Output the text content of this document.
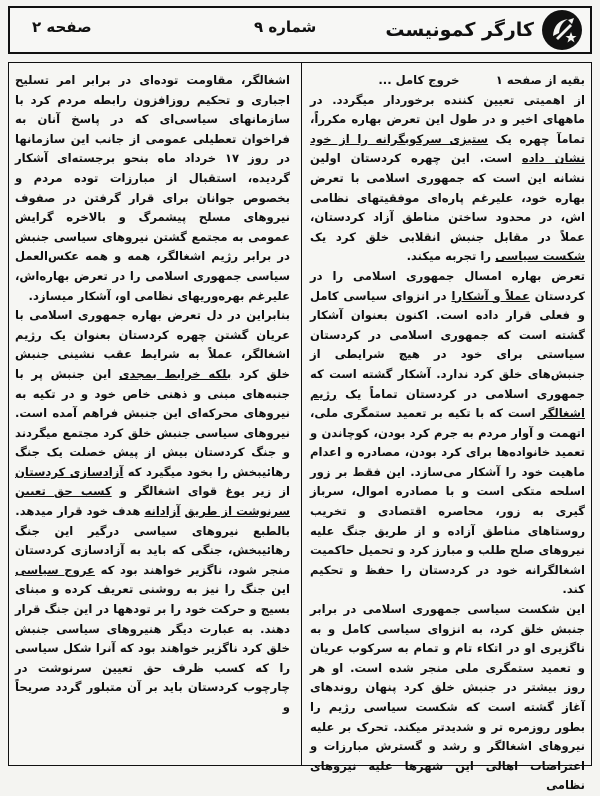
کارگر کمونیست
شماره ۹
صفحه ۲

بقیه از صفحه ۱         خروج کامل ...

از اهمیتی تعیین کننده برخوردار میگردد. در ماههای اخیر و در طول این تعرض بهاره مکرراً، تمامآ چهره یک ستیزی سرکوبگرانه را از خود نشان داده است. این چهره کردستان اولین نشانه این است که جمهوری اسلامی با تعرض بهاره خود، علیرغم پاره‌ای موفقیتهای نظامی اش، در محدود ساختن مناطق آزاد کردستان، عملاً در مقابل جنبش انقلابی خلق کرد یک شکست سیاسی را تجربه میکند.

تعرض بهاره امسال جمهوری اسلامی را در کردستان عملاً و آشکارا در انزوای سیاسی کامل و فعلی قرار داده است. اکنون بعنوان آشکار گشته است که جمهوری اسلامی در کردستان سیاستی برای خود در هیچ شرایطی از جنبش‌های خلق کرد ندارد. آشکار گشته است که جمهوری اسلامی در کردستان تماماً یک رژیم اشغالگر است که با تکیه بر تعمید ستمگری ملی، اتهمت و آوار مردم به جرم کرد بودن، کوچاندن و تعمید خانواده‌ها برای کرد بودن، مصادره و اعدام ماهیت خود را آشکار می‌سازد. این فقط بر زور اسلحه متکی است و با مصادره اموال، سرباز گیری به زور، محاصره اقتصادی و تخریب روستاهای مناطق آزاده و از طریق جنگ علیه نیروهای صلح طلب و مبارز کرد و تحمیل حاکمیت اشغالگرانه خود در کردستان را حفظ و تحکیم کند.

این شکست سیاسی جمهوری اسلامی در برابر جنبش خلق کرد، به انزوای سیاسی کامل و به ناگزیری او در اتکاء تام و تمام به سرکوب عریان و تعمید ستمگری ملی منجر شده است. او هر روز بیشتر در جنبش خلق کرد پنهان روندهای آغاز گشته است که شکست سیاسی رژیم را بطور روزمره تر و شدیدتر میکند. تحرک بر علیه نیروهای اشغالگر و رشد و گسترش مبارزات و اعتراضات اهالی این شهرها علیه نیروهای نظامی

اشغالگر، مقاومت توده‌ای در برابر امر تسلیح اجباری و تحکیم روزافزون رابطه مردم کرد با سازمانهای سیاسی‌ای که در پاسخ آنان به فراخوان تعطیلی عمومی از جانب این سازمانها در روز ۱۷ خرداد ماه بنحو برجسته‌ای آشکار گردیده، استقبال از مبارزات توده مردم و بخصوص جوانان برای قرار گرفتن در صفوف نیروهای مسلح پیشمرگ و بالاخره گرایش عمومی به مجتمع گشتن نیروهای سیاسی جنبش در برابر رژیم اشغالگر، همه و همه عکس‌العمل سیاسی جمهوری اسلامی را در تعرض بهاره‌اش، علیرغم بهره‌وریهای نظامی او، آشکار میسازد.

بنابراین در دل تعرض بهاره جمهوری اسلامی با عریان گشتن چهره کردستان بعنوان یک رژیم اشغالگر، عملاً به شرایط عقب نشینی جنبش خلق کرد بلکه خرابط بمجدی این جنبش پر با جنبه‌های مبنی و ذهنی خاص خود و در تکیه به نیروهای محرکه‌ای این جنبش فراهم آمده است. نیروهای سیاسی جنبش خلق کرد مجتمع میگردند و جنگ کردستان بیش از پیش خصلت یک جنگ رهائیبخش را بخود میگیرد که آزادسازی کردستان از زیر یوغ قوای اشغالگر و کسب حق تعیین سرنوشت از طریق آزادانه هدف خود قرار میدهد.

بالطبع نیروهای سیاسی درگیر این جنگ رهائیبخش، جنگی که باید به آزادسازی کردستان منجر شود، ناگزیر خواهند بود که عروج سیاسی این جنگ را نیز به روشنی تعریف کرده و مبنای بسیج و حرکت خود را بر تودهها در این جنگ قرار دهند. به عبارت دیگر هنیروهای سیاسی جنبش خلق کرد ناگزیر خواهند بود که آنرا شکل سیاسی را که کسب ظرف حق تعیین سرنوشت در چارچوب کردستان باید بر آن متبلور گردد صریحاً و
